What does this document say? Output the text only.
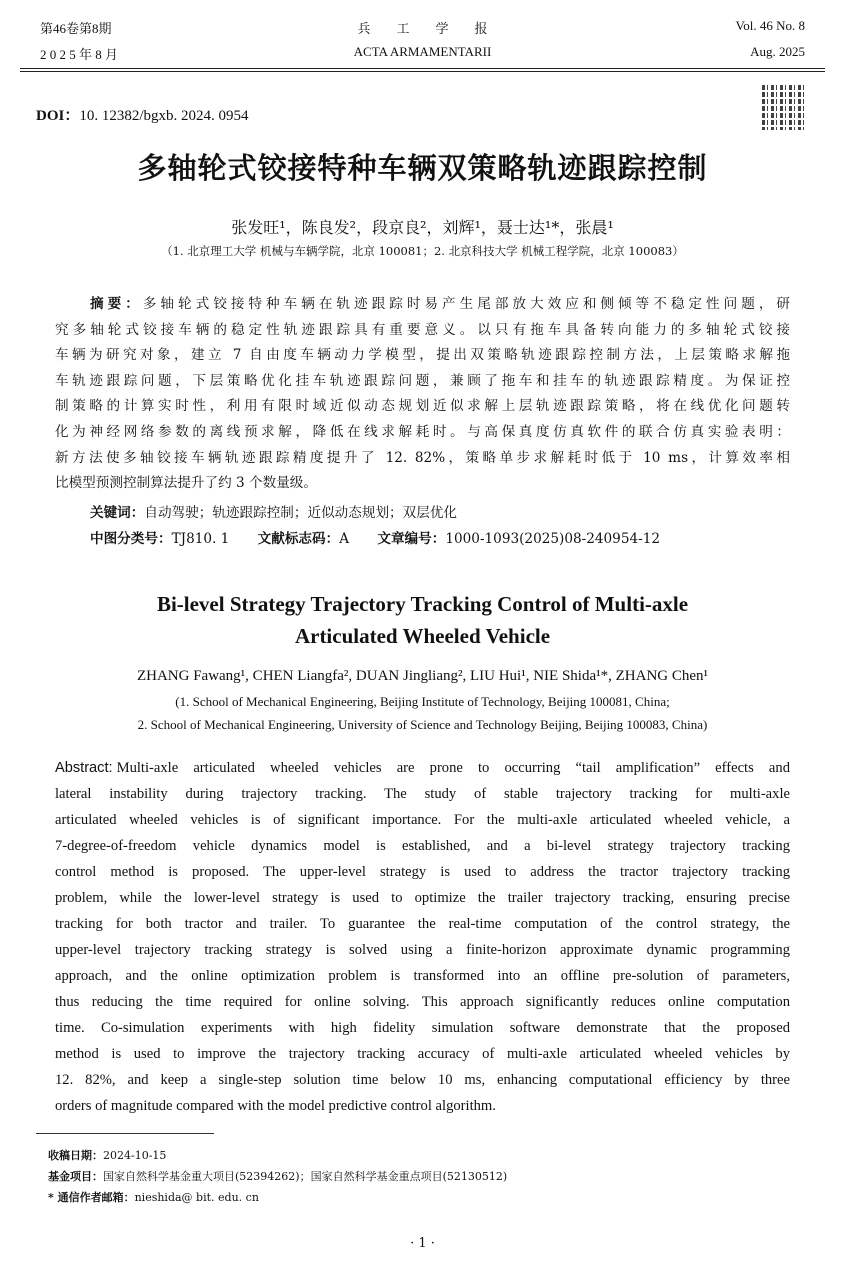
第46卷第8期
2 0 2 5 年 8 月
兵　　工　　学　　报
ACTA ARMAMENTARII
Vol. 46 No. 8
Aug. 2025
DOI：10. 12382/bgxb. 2024. 0954
多轴轮式铰接特种车辆双策略轨迹跟踪控制
张发旺¹，陈良发²，段京良²，刘辉¹，聂士达¹*，张晨¹
（1. 北京理工大学 机械与车辆学院，北京 100081；2. 北京科技大学 机械工程学院，北京 100083）
摘要：多轴轮式铰接特种车辆在轨迹跟踪时易产生尾部放大效应和侧倾等不稳定性问题，研
究多轴轮式铰接车辆的稳定性轨迹跟踪具有重要意义。以只有拖车具备转向能力的多轴轮式铰接
车辆为研究对象，建立 7 自由度车辆动力学模型，提出双策略轨迹跟踪控制方法，上层策略求解拖
车轨迹跟踪问题，下层策略优化挂车轨迹跟踪问题，兼顾了拖车和挂车的轨迹跟踪精度。为保证控
制策略的计算实时性，利用有限时域近似动态规划近似求解上层轨迹跟踪策略，将在线优化问题转
化为神经网络参数的离线预求解，降低在线求解耗时。与高保真度仿真软件的联合仿真实验表明：
新方法使多轴铰接车辆轨迹跟踪精度提升了 12. 82%，策略单步求解耗时低于 10 ms，计算效率相
比模型预测控制算法提升了约 3 个数量级。
关键词：自动驾驶；轨迹跟踪控制；近似动态规划；双层优化
中图分类号：TJ810. 1 文献标志码：A 文章编号：1000-1093(2025)08-240954-12
Bi-level Strategy Trajectory Tracking Control of Multi-axle
Articulated Wheeled Vehicle
ZHANG Fawang¹, CHEN Liangfa², DUAN Jingliang², LIU Hui¹, NIE Shida¹*, ZHANG Chen¹
(1. School of Mechanical Engineering, Beijing Institute of Technology, Beijing 100081, China;
2. School of Mechanical Engineering, University of Science and Technology Beijing, Beijing 100083, China)
Abstract: Multi-axle articulated wheeled vehicles are prone to occurring “tail amplification” effects and
lateral instability during trajectory tracking. The study of stable trajectory tracking for multi-axle
articulated wheeled vehicles is of significant importance. For the multi-axle articulated wheeled vehicle, a
7-degree-of-freedom vehicle dynamics model is established, and a bi-level strategy trajectory tracking
control method is proposed. The upper-level strategy is used to address the tractor trajectory tracking
problem, while the lower-level strategy is used to optimize the trailer trajectory tracking, ensuring precise
tracking for both tractor and trailer. To guarantee the real-time computation of the control strategy, the
upper-level trajectory tracking strategy is solved using a finite-horizon approximate dynamic programming
approach, and the online optimization problem is transformed into an offline pre-solution of parameters,
thus reducing the time required for online solving. This approach significantly reduces online computation
time. Co-simulation experiments with high fidelity simulation software demonstrate that the proposed
method is used to improve the trajectory tracking accuracy of multi-axle articulated wheeled vehicles by
12. 82%, and keep a single-step solution time below 10 ms, enhancing computational efficiency by three
orders of magnitude compared with the model predictive control algorithm.
收稿日期：2024-10-15
基金项目：国家自然科学基金重大项目(52394262)；国家自然科学基金重点项目(52130512)
* 通信作者邮箱：nieshida@ bit. edu. cn
· 1 ·
